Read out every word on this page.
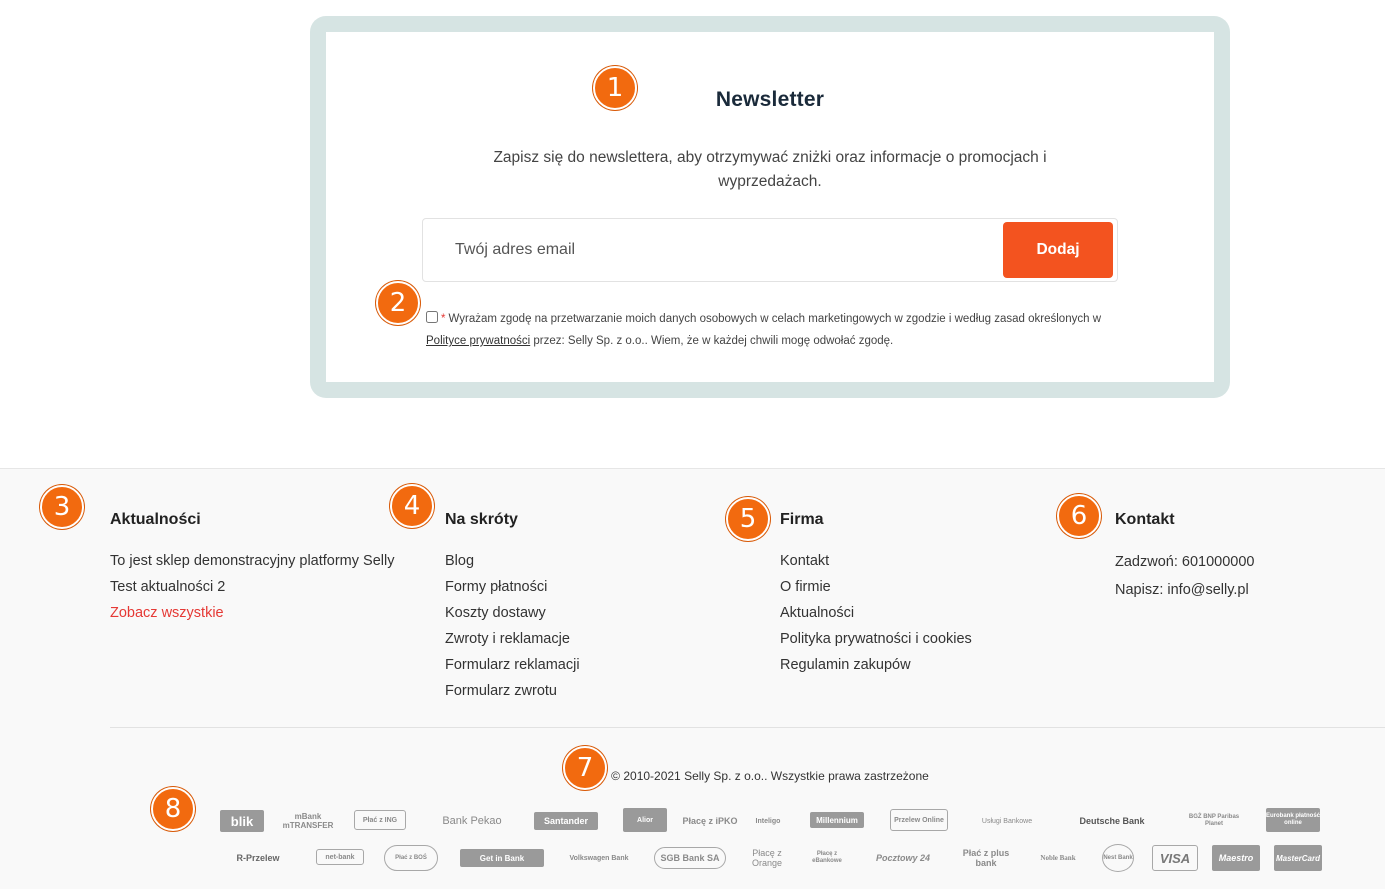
Newsletter

Zapisz się do newslettera, aby otrzymywać zniżki oraz informacje o promocjach i wyprzedażach.

Twój adres email
Dodaj
* Wyrażam zgodę na przetwarzanie moich danych osobowych w celach marketingowych w zgodzie i według zasad określonych w Polityce prywatności przez: Selly Sp. z o.o.. Wiem, że w każdej chwili mogę odwołać zgodę.
Aktualności
To jest sklep demonstracyjny platformy Selly
Test aktualności 2
Zobacz wszystkie
Na skróty
Blog
Formy płatności
Koszty dostawy
Zwroty i reklamacje
Formularz reklamacji
Formularz zwrotu
Firma
Kontakt
O firmie
Aktualności
Polityka prywatności i cookies
Regulamin zakupów
Kontakt
Zadzwoń: 601000000
Napisz: info@selly.pl
© 2010-2021 Selly Sp. z o.o.. Wszystkie prawa zastrzeżone
blik	mBank mTRANSFER
Płać z ING	Bank Pekao	Santander	Alior	Płacę z iPKO	Inteligo	Millennium	Przelew Online	Usługi Bankowe	Deutsche Bank	BGŻ BNP Paribas Planet
Eurobank płatność online
R-Przelew	net-bank	Płać z BOŚ	Get in Bank	Volkswagen Bank	SGB Bank SA	Płacę z Orange
Płacę z eBankowe	Pocztowy 24	Płać z plus bank	Noble Bank	Nest Bank	VISA	Maestro	MasterCard
1
2
3	4	5	6
7
8
